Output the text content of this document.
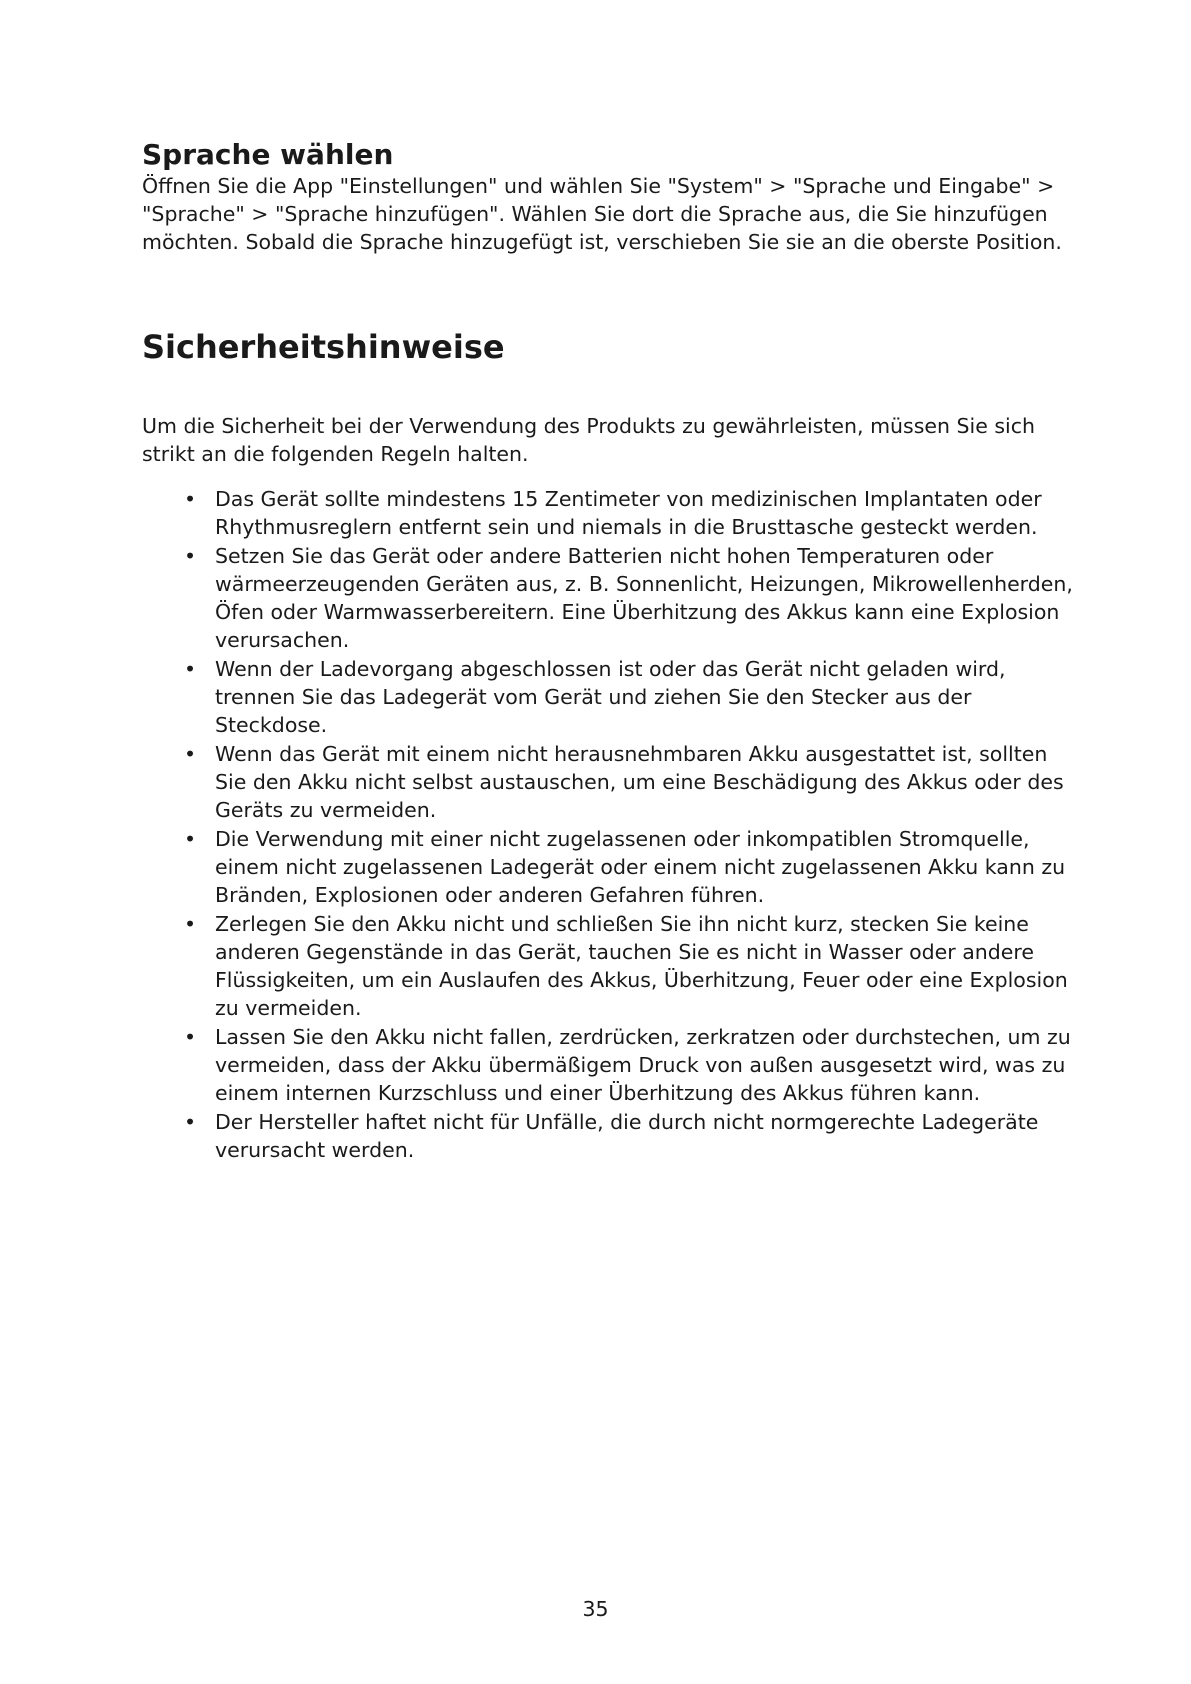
Sprache wählen

Öffnen Sie die App "Einstellungen" und wählen Sie "System" > "Sprache und Eingabe" >

"Sprache" > "Sprache hinzufügen". Wählen Sie dort die Sprache aus, die Sie hinzufügen

möchten. Sobald die Sprache hinzugefügt ist, verschieben Sie sie an die oberste Position.

Sicherheitshinweise

Um die Sicherheit bei der Verwendung des Produkts zu gewährleisten, müssen Sie sich

strikt an die folgenden Regeln halten.

• Das Gerät sollte mindestens 15 Zentimeter von medizinischen Implantaten oder
Rhythmusreglern entfernt sein und niemals in die Brusttasche gesteckt werden.
• Setzen Sie das Gerät oder andere Batterien nicht hohen Temperaturen oder
wärmeerzeugenden Geräten aus, z. B. Sonnenlicht, Heizungen, Mikrowellenherden,
Öfen oder Warmwasserbereitern. Eine Überhitzung des Akkus kann eine Explosion
verursachen.
• Wenn der Ladevorgang abgeschlossen ist oder das Gerät nicht geladen wird,
trennen Sie das Ladegerät vom Gerät und ziehen Sie den Stecker aus der
Steckdose.
• Wenn das Gerät mit einem nicht herausnehmbaren Akku ausgestattet ist, sollten
Sie den Akku nicht selbst austauschen, um eine Beschädigung des Akkus oder des
Geräts zu vermeiden.
• Die Verwendung mit einer nicht zugelassenen oder inkompatiblen Stromquelle,
einem nicht zugelassenen Ladegerät oder einem nicht zugelassenen Akku kann zu
Bränden, Explosionen oder anderen Gefahren führen.
• Zerlegen Sie den Akku nicht und schließen Sie ihn nicht kurz, stecken Sie keine
anderen Gegenstände in das Gerät, tauchen Sie es nicht in Wasser oder andere
Flüssigkeiten, um ein Auslaufen des Akkus, Überhitzung, Feuer oder eine Explosion
zu vermeiden.
• Lassen Sie den Akku nicht fallen, zerdrücken, zerkratzen oder durchstechen, um zu
vermeiden, dass der Akku übermäßigem Druck von außen ausgesetzt wird, was zu
einem internen Kurzschluss und einer Überhitzung des Akkus führen kann.
• Der Hersteller haftet nicht für Unfälle, die durch nicht normgerechte Ladegeräte
verursacht werden.
35
